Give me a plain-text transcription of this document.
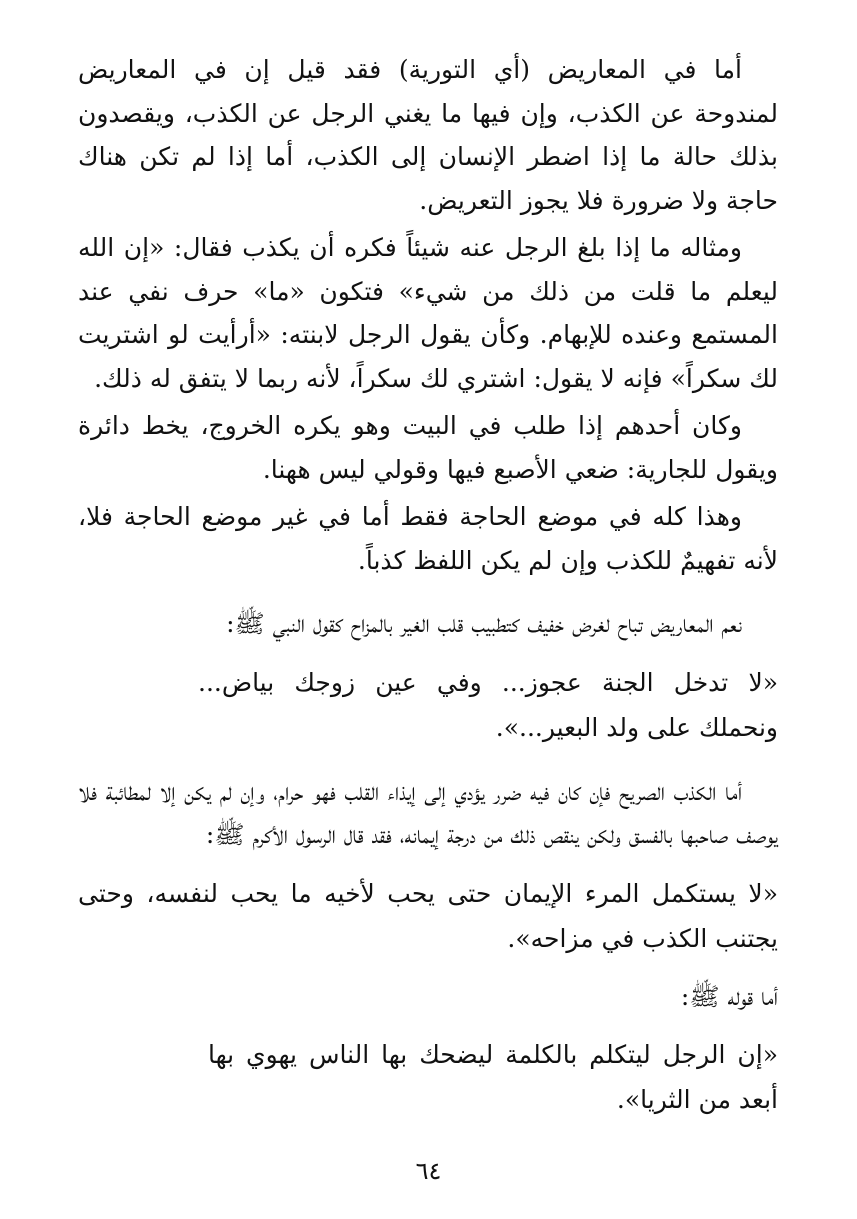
أما في المعاريض (أي التورية) فقد قيل إن في المعاريض لمندوحة عن الكذب، وإن فيها ما يغني الرجل عن الكذب، ويقصدون بذلك حالة ما إذا اضطر الإنسان إلى الكذب، أما إذا لم تكن هناك حاجة ولا ضرورة فلا يجوز التعريض.

ومثاله ما إذا بلغ الرجل عنه شيئاً فكره أن يكذب فقال: «إن الله ليعلم ما قلت من ذلك من شيء» فتكون «ما» حرف نفي عند المستمع وعنده للإبهام. وكأن يقول الرجل لابنته: «أرأيت لو اشتريت لك سكراً» فإنه لا يقول: اشتري لك سكراً، لأنه ربما لا يتفق له ذلك.

وكان أحدهم إذا طلب في البيت وهو يكره الخروج، يخط دائرة ويقول للجارية: ضعي الأصبع فيها وقولي ليس ههنا.

وهذا كله في موضع الحاجة فقط أما في غير موضع الحاجة فلا، لأنه تفهيمٌ للكذب وإن لم يكن اللفظ كذباً.

نعم المعاريض تباح لغرض خفيف كتطبيب قلب الغير بالمزاح كقول النبي ﷺ:

«لا تدخل الجنة عجوز... وفي عين زوجك بياض... ونحملك على ولد البعير...».

أما الكذب الصريح فإن كان فيه ضرر يؤدي إلى إيذاء القلب فهو حرام، وإن لم يكن إلا لمطائبة فلا يوصف صاحبها بالفسق ولكن ينقص ذلك من درجة إيمانه، فقد قال الرسول الأكرم ﷺ:

«لا يستكمل المرء الإيمان حتى يحب لأخيه ما يحب لنفسه، وحتى يجتنب الكذب في مزاحه».

أما قوله ﷺ:

«إن الرجل ليتكلم بالكلمة ليضحك بها الناس يهوي بها أبعد من الثريا».

٦٤
